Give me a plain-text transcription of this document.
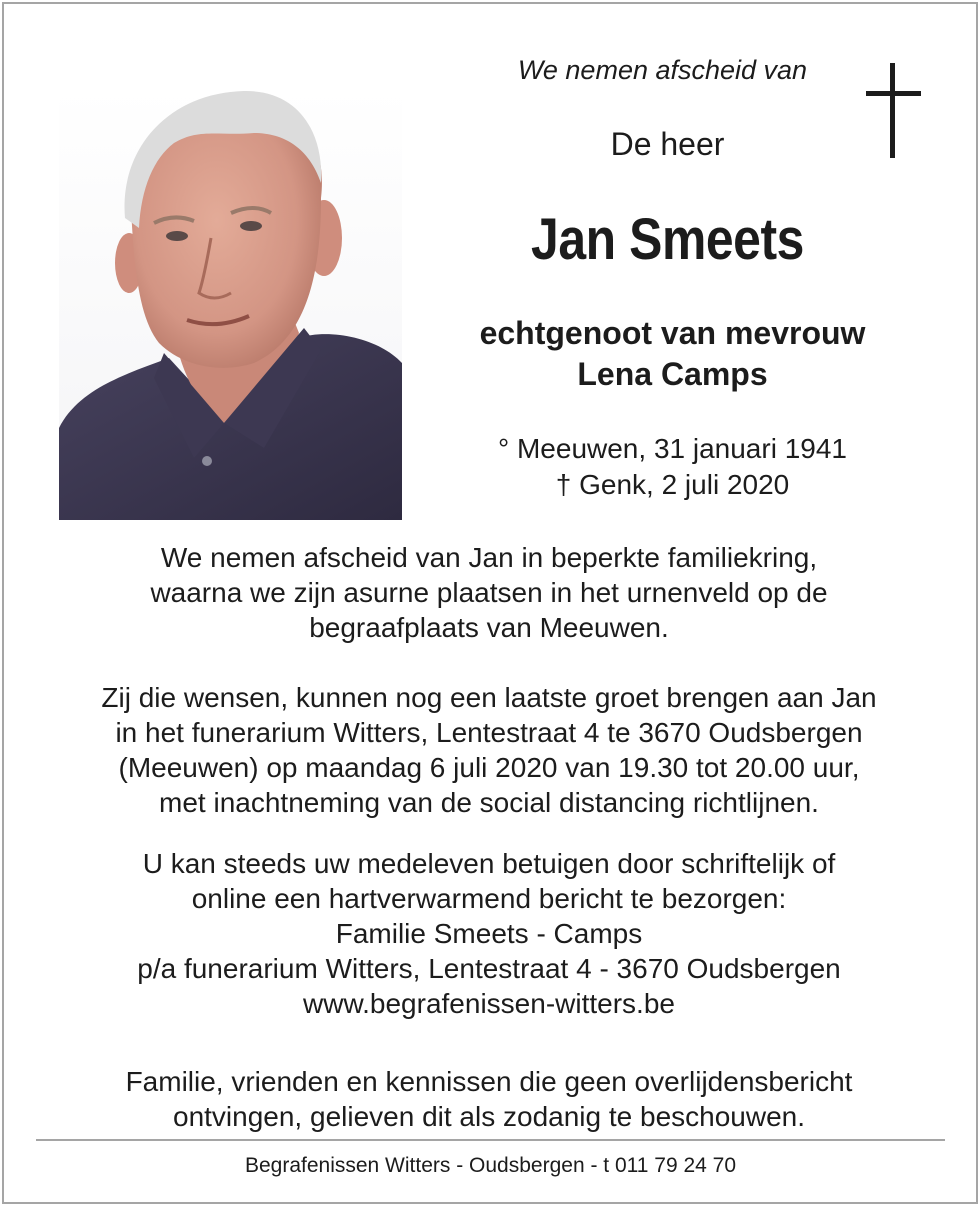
We nemen afscheid van
De heer
Jan Smeets
echtgenoot van mevrouw
Lena Camps
° Meeuwen, 31 januari 1941
† Genk, 2 juli 2020
We nemen afscheid van Jan in beperkte familiekring,
waarna we zijn asurne plaatsen in het urnenveld op de
begraafplaats van Meeuwen.
Zij die wensen, kunnen nog een laatste groet brengen aan Jan
in het funerarium Witters, Lentestraat 4 te 3670 Oudsbergen
(Meeuwen) op maandag 6 juli 2020 van 19.30 tot 20.00 uur,
met inachtneming van de social distancing richtlijnen.
U kan steeds uw medeleven betuigen door schriftelijk of
online een hartverwarmend bericht te bezorgen:
Familie Smeets - Camps
p/a funerarium Witters, Lentestraat 4 - 3670 Oudsbergen
www.begrafenissen-witters.be
Familie, vrienden en kennissen die geen overlijdensbericht
ontvingen, gelieven dit als zodanig te beschouwen.
Begrafenissen Witters - Oudsbergen - t 011 79 24 70
